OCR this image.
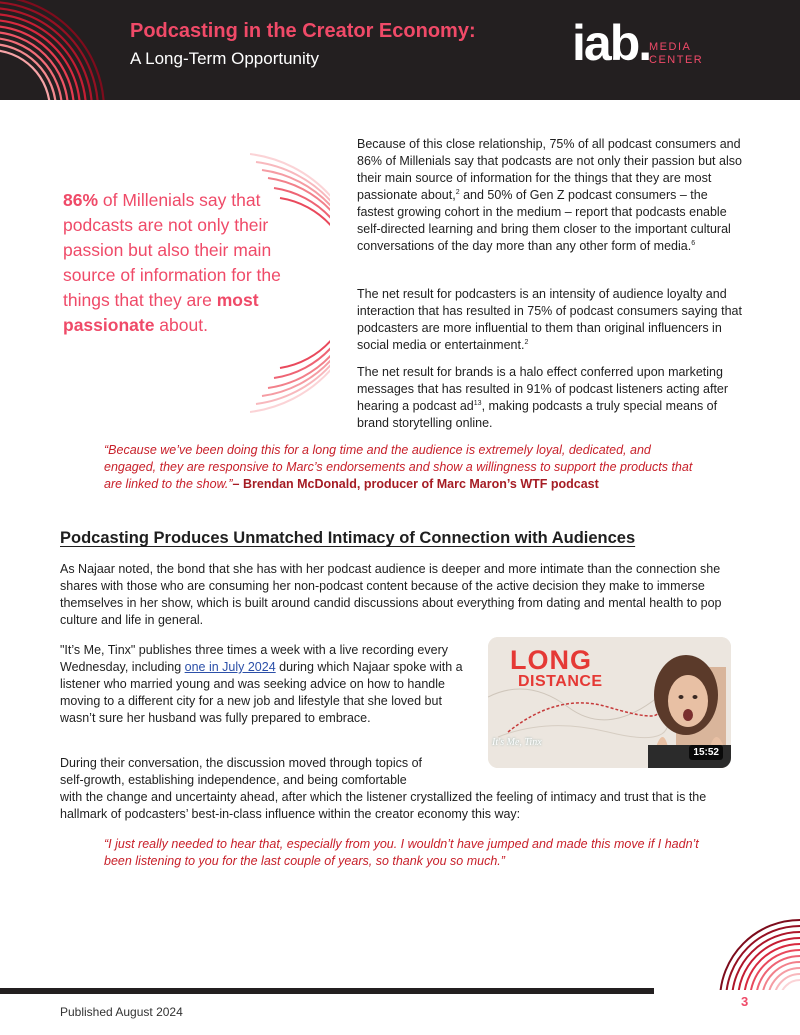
Podcasting in the Creator Economy:
A Long-Term Opportunity	iab.
MEDIA
CENTER
86% of Millenials say that podcasts are not only their passion but also their main source of information for the things that they are most passionate about.
Because of this close relationship, 75% of all podcast consumers and 86% of Millenials say that podcasts are not only their passion but also their main source of information for the things that they are most passionate about,$^2$ and 50% of Gen Z podcast consumers – the fastest growing cohort in the medium – report that podcasts enable self-directed learning and bring them closer to the important cultural conversations of the day more than any other form of media.$^6$
The net result for podcasters is an intensity of audience loyalty and interaction that has resulted in 75% of podcast consumers saying that podcasters are more influential to them than original influencers in social media or entertainment.$^2$
The net result for brands is a halo effect conferred upon marketing messages that has resulted in 91% of podcast listeners acting after hearing a podcast $ad^{13}$, making podcasts a truly special means of brand storytelling online.
“Because we’ve been doing this for a long time and the audience is extremely loyal, dedicated, and engaged, they are responsive to Marc’s endorsements and show a willingness to support the products that are linked to the show.”– Brendan McDonald, producer of Marc Maron’s WTF podcast
Podcasting Produces Unmatched Intimacy of Connection with Audiences
As Najaar noted, the bond that she has with her podcast audience is deeper and more intimate than the connection she shares with those who are consuming her non-podcast content because of the active decision they make to immerse themselves in her show, which is built around candid discussions about everything from dating and mental health to pop culture and life in general.
"It’s Me, Tinx" publishes three times a week with a live recording every Wednesday, including one in July 2024 during which Najaar spoke with a listener who married young and was seeking advice on how to handle moving to a different city for a new job and lifestyle that she loved but wasn’t sure her husband was fully prepared to embrace.
During their conversation, the discussion moved through topics of
self-growth, establishing independence, and being comfortable
with the change and uncertainty ahead, after which the listener crystallized the feeling of intimacy and trust that is the hallmark of podcasters’ best-in-class influence within the creator economy this way:
LONG
DISTANCE
It's Me, Tinx
15:52
“I just really needed to hear that, especially from you. I wouldn’t have jumped and made this move if I hadn’t been listening to you for the last couple of years, so thank you so much.”
Published August 2024
3
